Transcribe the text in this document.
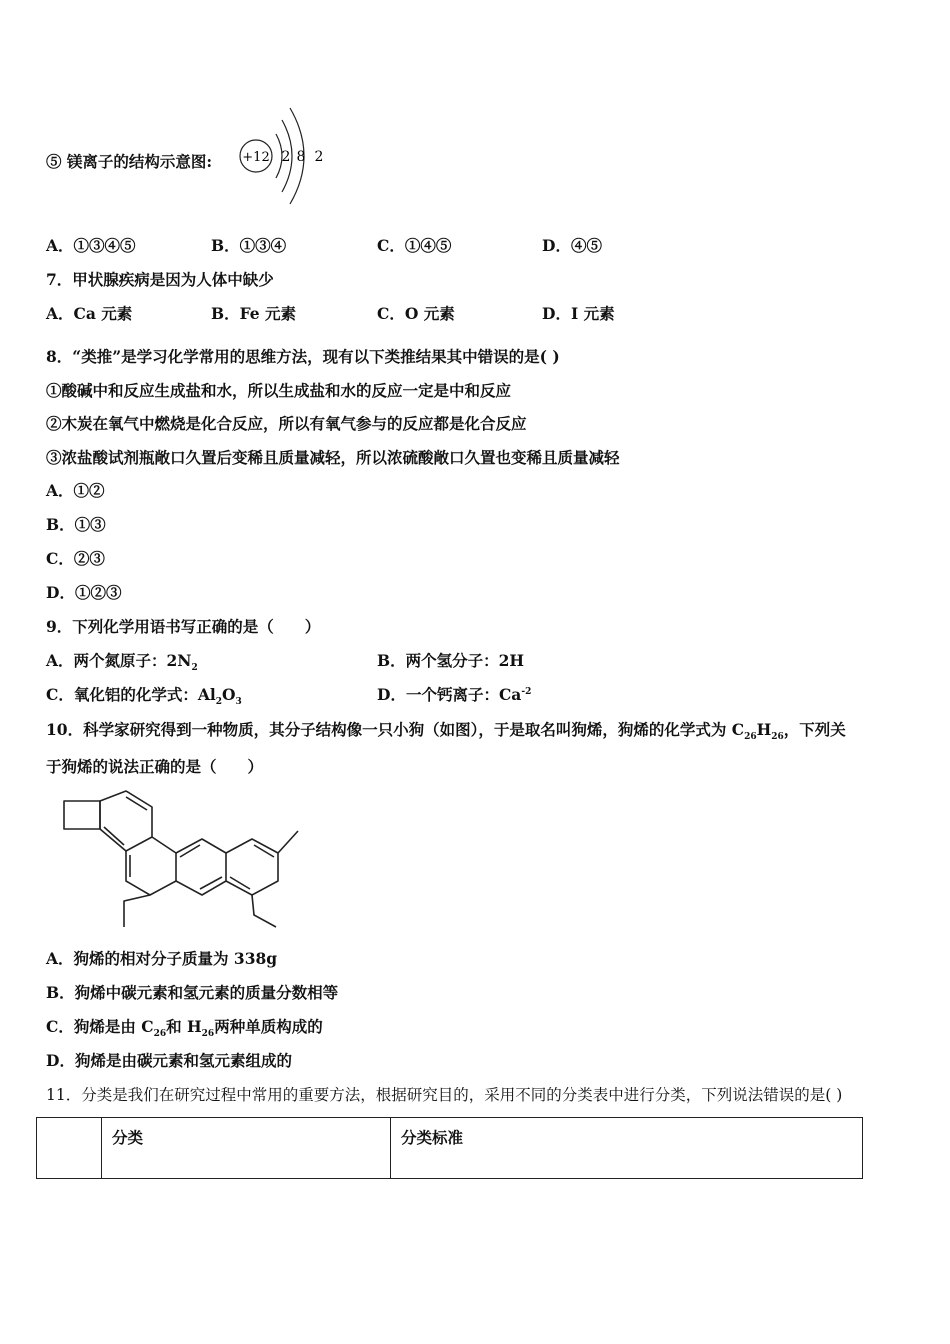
⑤ 镁离子的结构示意图: +12 2 8 2
A．①③④⑤	B．①③④	C．①④⑤	D．④⑤
7．甲状腺疾病是因为人体中缺少
A．Ca 元素	B．Fe 元素	C．O 元素	D．I 元素
8．“类推”是学习化学常用的思维方法，现有以下类推结果其中错误的是( )
①酸碱中和反应生成盐和水，所以生成盐和水的反应一定是中和反应
②木炭在氧气中燃烧是化合反应，所以有氧气参与的反应都是化合反应
③浓盐酸试剂瓶敞口久置后变稀且质量减轻，所以浓硫酸敞口久置也变稀且质量减轻
A．①②
B．①③
C．②③
D．①②③
9．下列化学用语书写正确的是（　　）
A．两个氮原子：$2N_2$	B．两个氢分子：2H
C．氧化铝的化学式：$Al_2O_3$	D．一个钙离子：$Ca^{-2}$
10．科学家研究得到一种物质，其分子结构像一只小狗（如图），于是取名叫狗烯，狗烯的化学式为 $C_{26}H_{26}$，下列关
于狗烯的说法正确的是（　　）
A．狗烯的相对分子质量为 338g
B．狗烯中碳元素和氢元素的质量分数相等
C．狗烯是由 $C_{26}$和 $H_{26}$两种单质构成的
D．狗烯是由碳元素和氢元素组成的
11．分类是我们在研究过程中常用的重要方法，根据研究目的，采用不同的分类表中进行分类，下列说法错误的是( )
	分类	分类标准
